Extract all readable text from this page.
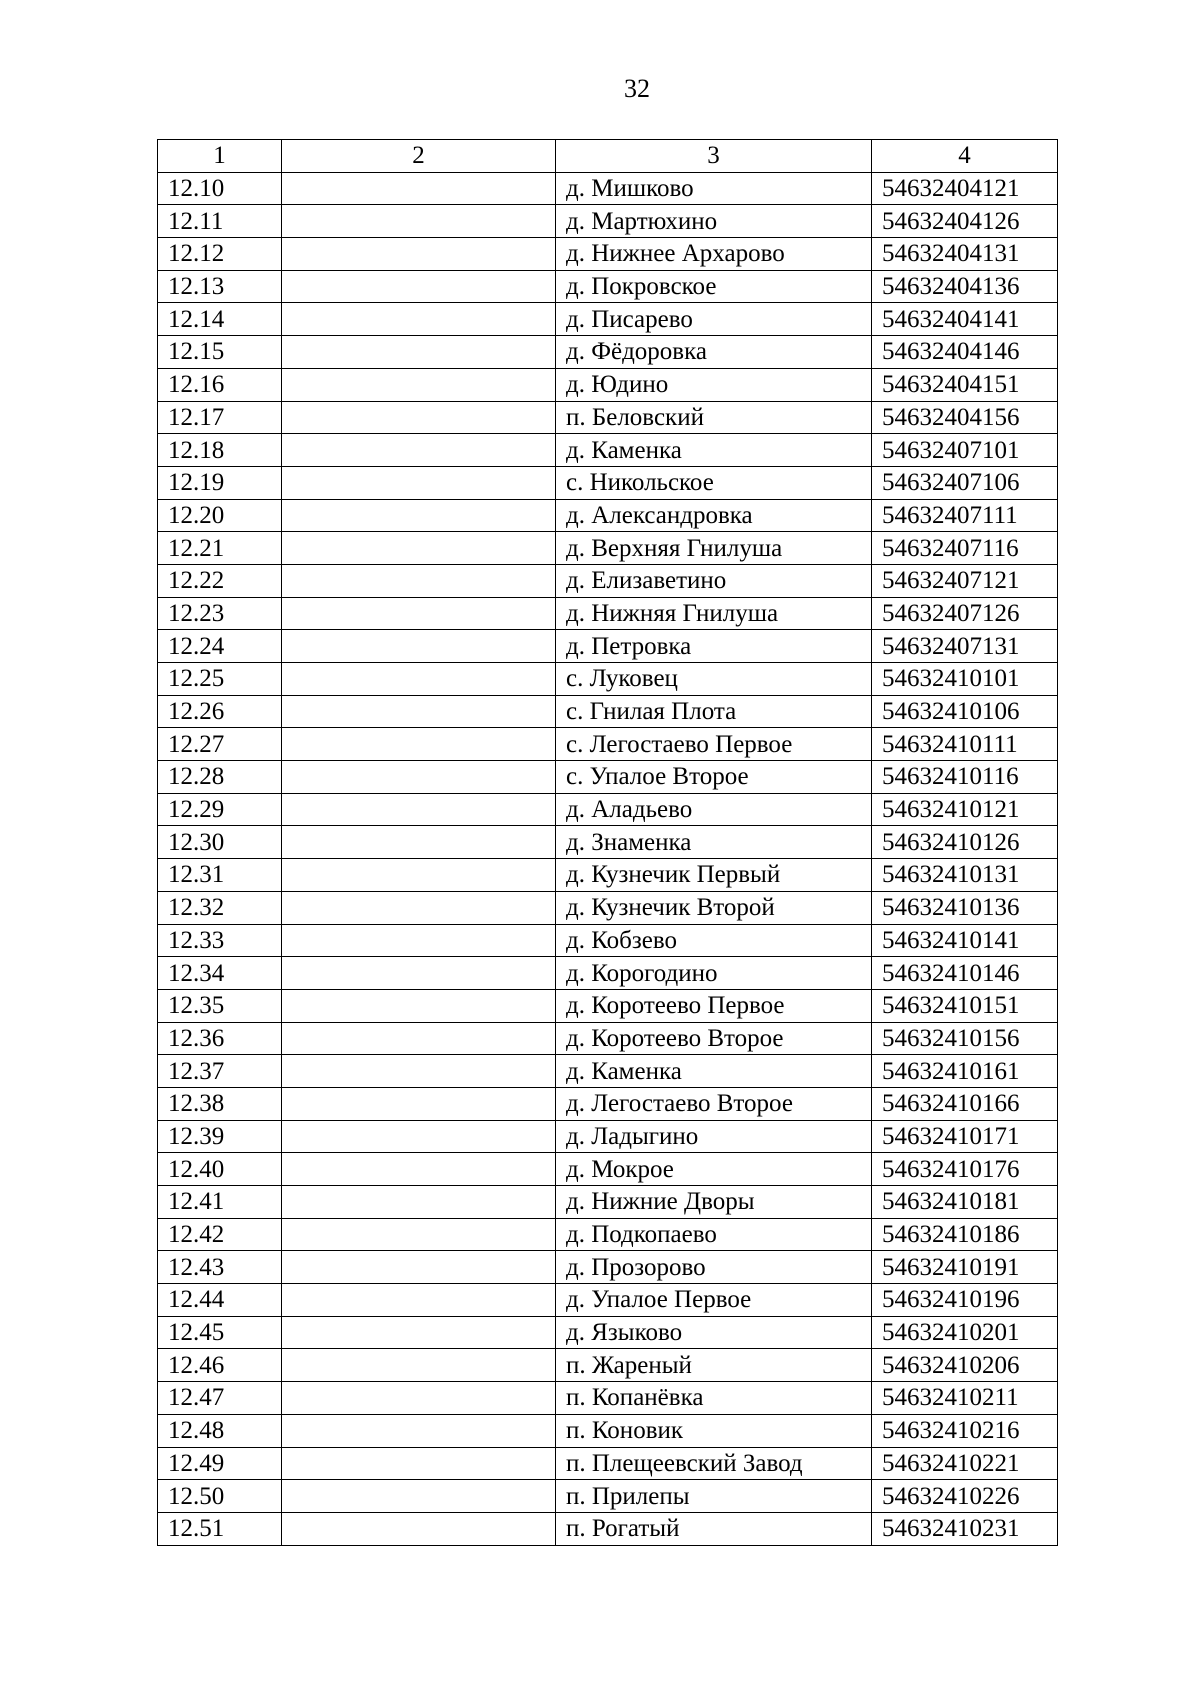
32
1	2	3	4
12.10		д. Мишково	54632404121
12.11		д. Мартюхино	54632404126
12.12		д. Нижнее Архарово	54632404131
12.13		д. Покровское	54632404136
12.14		д. Писарево	54632404141
12.15		д. Фёдоровка	54632404146
12.16		д. Юдино	54632404151
12.17		п. Беловский	54632404156
12.18		д. Каменка	54632407101
12.19		с. Никольское	54632407106
12.20		д. Александровка	54632407111
12.21		д. Верхняя Гнилуша	54632407116
12.22		д. Елизаветино	54632407121
12.23		д. Нижняя Гнилуша	54632407126
12.24		д. Петровка	54632407131
12.25		с. Луковец	54632410101
12.26		с. Гнилая Плота	54632410106
12.27		с. Легостаево Первое	54632410111
12.28		с. Упалое Второе	54632410116
12.29		д. Аладьево	54632410121
12.30		д. Знаменка	54632410126
12.31		д. Кузнечик Первый	54632410131
12.32		д. Кузнечик Второй	54632410136
12.33		д. Кобзево	54632410141
12.34		д. Корогодино	54632410146
12.35		д. Коротеево Первое	54632410151
12.36		д. Коротеево Второе	54632410156
12.37		д. Каменка	54632410161
12.38		д. Легостаево Второе	54632410166
12.39		д. Ладыгино	54632410171
12.40		д. Мокрое	54632410176
12.41		д. Нижние Дворы	54632410181
12.42		д. Подкопаево	54632410186
12.43		д. Прозорово	54632410191
12.44		д. Упалое Первое	54632410196
12.45		д. Языково	54632410201
12.46		п. Жареный	54632410206
12.47		п. Копанёвка	54632410211
12.48		п. Коновик	54632410216
12.49		п. Плещеевский Завод	54632410221
12.50		п. Прилепы	54632410226
12.51		п. Рогатый	54632410231
